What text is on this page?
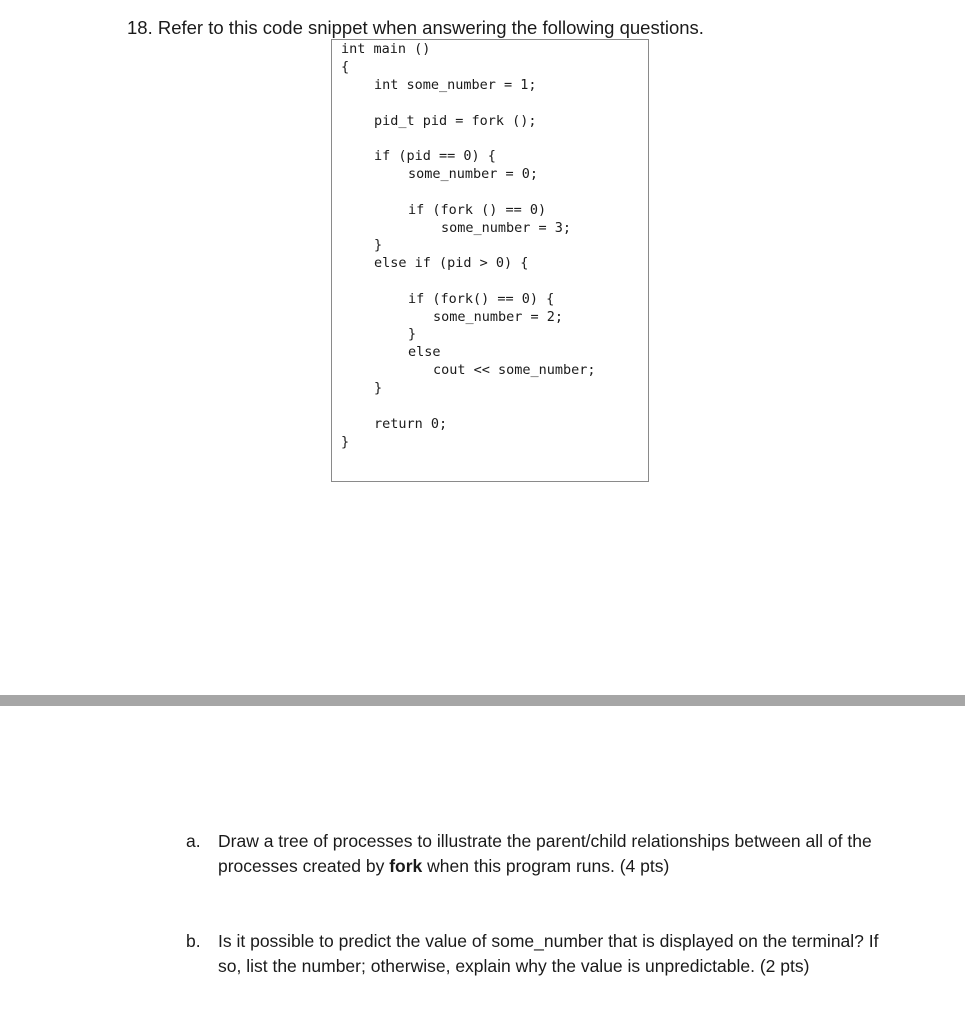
18. Refer to this code snippet when answering the following questions.
int main ()
{
int some_number = 1;
pid_t pid = fork ();
if (pid == 0) {
some_number = 0;
if (fork () == 0)
some_number = 3;
}
else if (pid > 0) {
if (fork() == 0) {
some_number = 2;
}
else
cout << some_number;
}
return 0;
}
a. Draw a tree of processes to illustrate the parent/child relationships between all of the processes created by fork when this program runs. (4 pts)
b. Is it possible to predict the value of some_number that is displayed on the terminal? If so, list the number; otherwise, explain why the value is unpredictable. (2 pts)
